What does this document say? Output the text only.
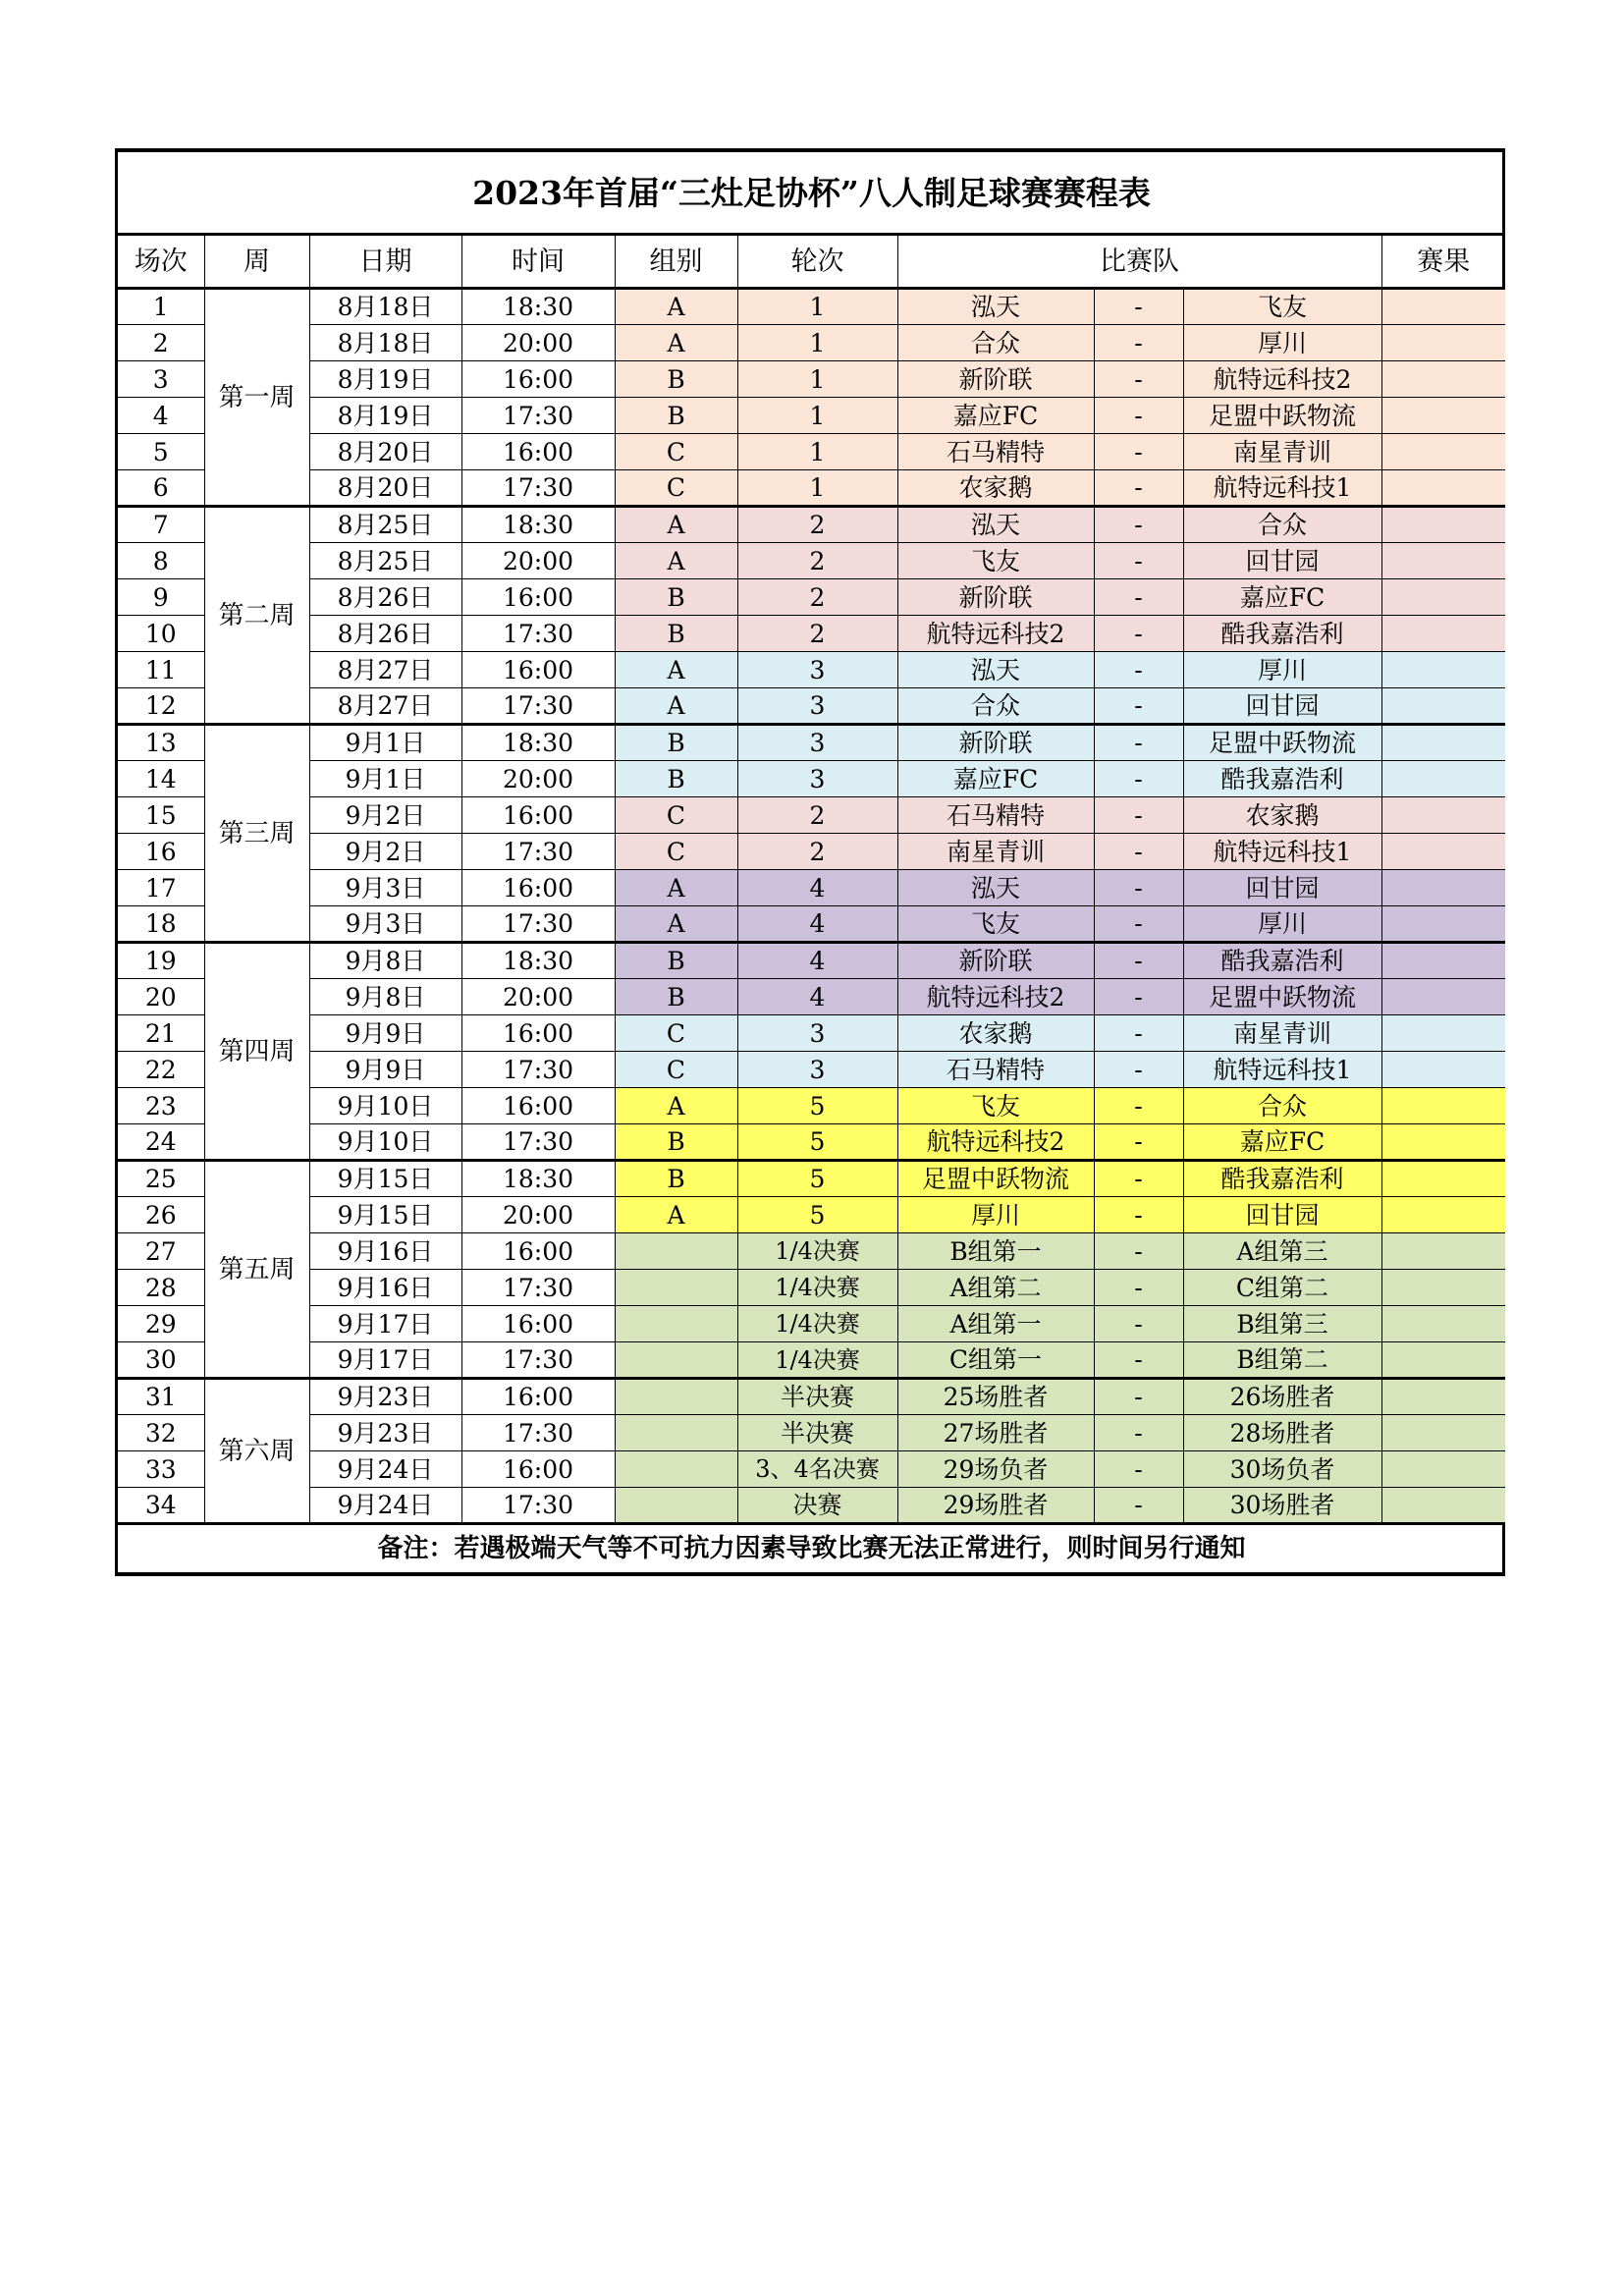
2023年首届“三灶足协杯”八人制足球赛赛程表									
场次	周	日期	时间	组别	轮次	比赛队			赛果
1	第一周	8月18日	18:30	A	1	泓天	-	飞友	
2		8月18日	20:00	A	1	合众	-	厚川	
3		8月19日	16:00	B	1	新阶联	-	航特远科技2	
4		8月19日	17:30	B	1	嘉应FC	-	足盟中跃物流	
5		8月20日	16:00	C	1	石马精特	-	南星青训	
6		8月20日	17:30	C	1	农家鹅	-	航特远科技1	
7	第二周	8月25日	18:30	A	2	泓天	-	合众	
8		8月25日	20:00	A	2	飞友	-	回甘园	
9		8月26日	16:00	B	2	新阶联	-	嘉应FC	
10		8月26日	17:30	B	2	航特远科技2	-	酷我嘉浩利	
11		8月27日	16:00	A	3	泓天	-	厚川	
12		8月27日	17:30	A	3	合众	-	回甘园	
13	第三周	9月1日	18:30	B	3	新阶联	-	足盟中跃物流	
14		9月1日	20:00	B	3	嘉应FC	-	酷我嘉浩利	
15		9月2日	16:00	C	2	石马精特	-	农家鹅	
16		9月2日	17:30	C	2	南星青训	-	航特远科技1	
17		9月3日	16:00	A	4	泓天	-	回甘园	
18		9月3日	17:30	A	4	飞友	-	厚川	
19	第四周	9月8日	18:30	B	4	新阶联	-	酷我嘉浩利	
20		9月8日	20:00	B	4	航特远科技2	-	足盟中跃物流	
21		9月9日	16:00	C	3	农家鹅	-	南星青训	
22		9月9日	17:30	C	3	石马精特	-	航特远科技1	
23		9月10日	16:00	A	5	飞友	-	合众	
24		9月10日	17:30	B	5	航特远科技2	-	嘉应FC	
25	第五周	9月15日	18:30	B	5	足盟中跃物流	-	酷我嘉浩利	
26		9月15日	20:00	A	5	厚川	-	回甘园	
27		9月16日	16:00		1/4决赛	B组第一	-	A组第三	
28		9月16日	17:30		1/4决赛	A组第二	-	C组第二	
29		9月17日	16:00		1/4决赛	A组第一	-	B组第三	
30		9月17日	17:30		1/4决赛	C组第一	-	B组第二	
31	第六周	9月23日	16:00		半决赛	25场胜者	-	26场胜者	
32		9月23日	17:30		半决赛	27场胜者	-	28场胜者	
33		9月24日	16:00		3、4名决赛	29场负者	-	30场负者	
34		9月24日	17:30		决赛	29场胜者	-	30场胜者	
备注：若遇极端天气等不可抗力因素导致比赛无法正常进行，则时间另行通知									
